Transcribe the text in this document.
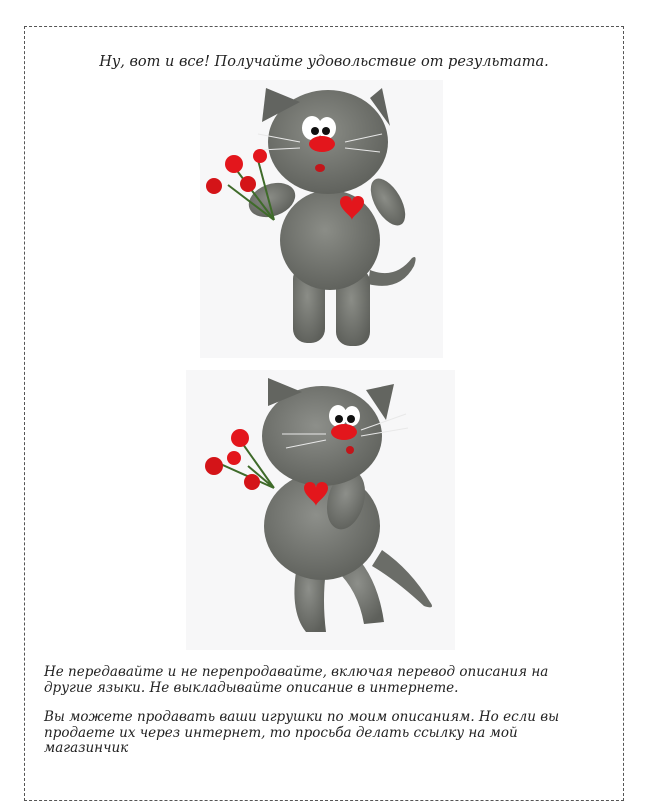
Ну, вот и все! Получайте удовольствие от результата.
Не передавайте и не перепродавайте, включая перевод описания на
другие языки. Не выкладывайте описание в интернете.
Вы можете продавать ваши игрушки по моим описаниям. Но если вы
продаете их через интернет, то просьба делать ссылку на мой
магазинчик
